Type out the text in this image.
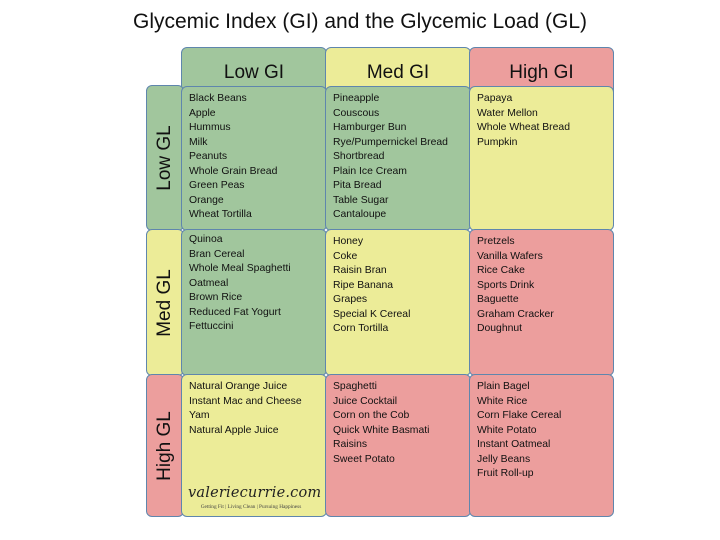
Glycemic Index (GI) and the Glycemic Load (GL)
Low GI	Med GI	High GI
Low GL
Med GL
High GL
Black Beans
Apple
Hummus
Milk
Peanuts
Whole Grain Bread
Green Peas
Orange
Wheat Tortilla
Pineapple
Couscous
Hamburger Bun
Rye/Pumpernickel Bread
Shortbread
Plain Ice Cream
Pita Bread
Table Sugar
Cantaloupe
Papaya
Water Mellon
Whole Wheat Bread
Pumpkin
Quinoa
Bran Cereal
Whole Meal Spaghetti
Oatmeal
Brown Rice
Reduced Fat Yogurt
Fettuccini
Honey
Coke
Raisin Bran
Ripe Banana
Grapes
Special K Cereal
Corn Tortilla
Pretzels
Vanilla Wafers
Rice Cake
Sports Drink
Baguette
Graham Cracker
Doughnut
Natural Orange Juice
Instant Mac and Cheese
Yam
Natural Apple Juice
Spaghetti
Juice Cocktail
Corn on the Cob
Quick White Basmati
Raisins
Sweet Potato
Plain Bagel
White Rice
Corn Flake Cereal
White Potato
Instant Oatmeal
Jelly Beans
Fruit Roll-up
valeriecurrie.com
Getting Fit | Living Clean | Pursuing Happiness
